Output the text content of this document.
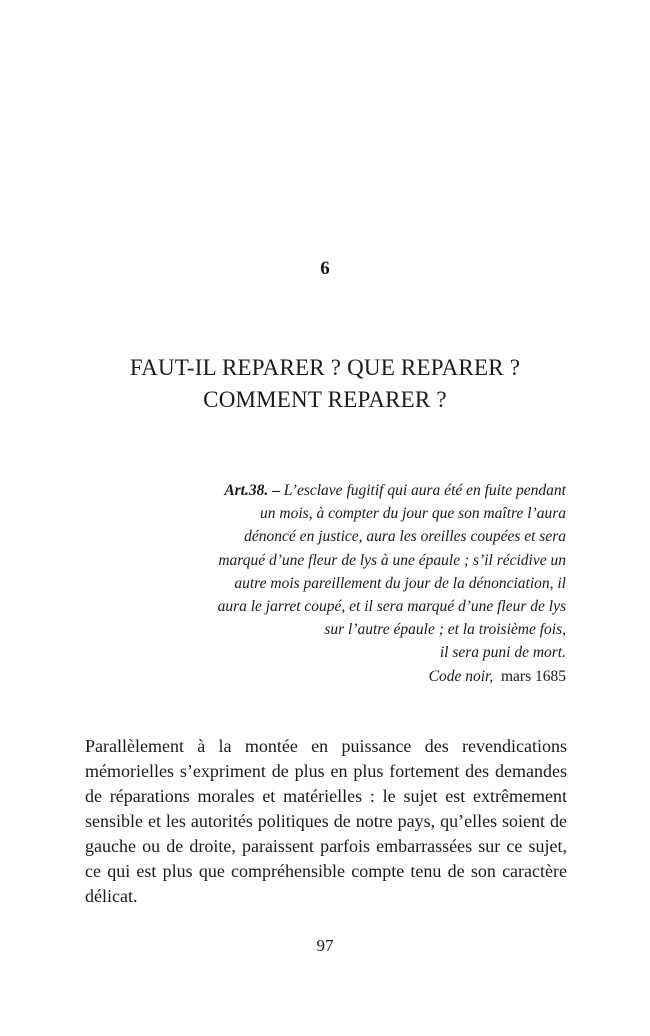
6
FAUT-IL REPARER ? QUE REPARER ?
COMMENT REPARER ?
Art.38. – L’esclave fugitif qui aura été en fuite pendant
un mois, à compter du jour que son maître l’aura
dénoncé en justice, aura les oreilles coupées et sera
marqué d’une fleur de lys à une épaule ; s’il récidive un
autre mois pareillement du jour de la dénonciation, il
aura le jarret coupé, et il sera marqué d’une fleur de lys
sur l’autre épaule ; et la troisième fois,
il sera puni de mort.
Code noir, mars 1685
Parallèlement à la montée en puissance des revendications mémorielles s’expriment de plus en plus fortement des demandes de réparations morales et matérielles : le sujet est extrêmement sensible et les autorités politiques de notre pays, qu’elles soient de gauche ou de droite, paraissent parfois embarrassées sur ce sujet, ce qui est plus que compréhensible compte tenu de son caractère délicat.
97
